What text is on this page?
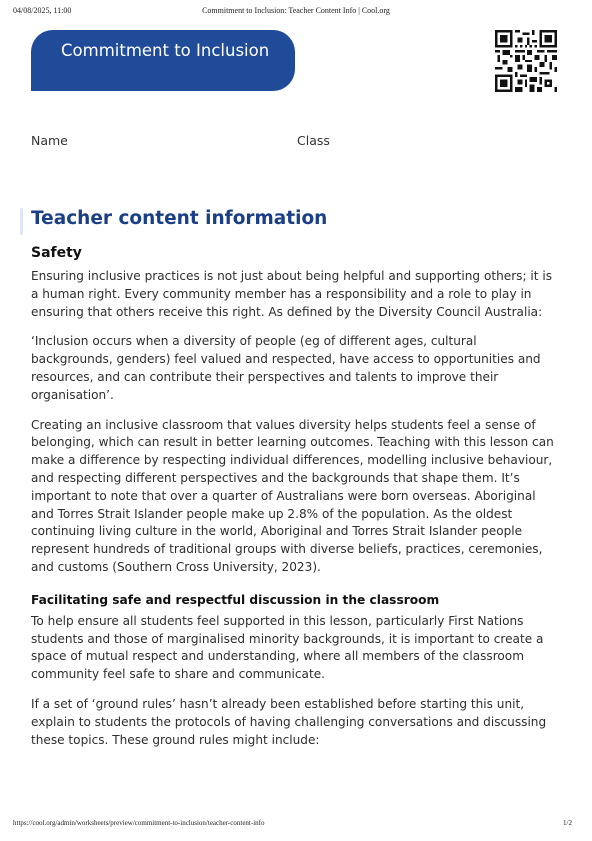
04/08/2025, 11:00	Commitment to Inclusion: Teacher Content Info | Cool.org
Commitment to Inclusion
Name	Class
Teacher content information
Safety

Ensuring inclusive practices is not just about being helpful and supporting others; it is a human right. Every community member has a responsibility and a role to play in ensuring that others receive this right. As defined by the Diversity Council Australia:

‘Inclusion occurs when a diversity of people (eg of different ages, cultural backgrounds, genders) feel valued and respected, have access to opportunities and resources, and can contribute their perspectives and talents to improve their organisation’.

Creating an inclusive classroom that values diversity helps students feel a sense of belonging, which can result in better learning outcomes. Teaching with this lesson can make a difference by respecting individual differences, modelling inclusive behaviour, and respecting different perspectives and the backgrounds that shape them. It’s important to note that over a quarter of Australians were born overseas. Aboriginal and Torres Strait Islander people make up 2.8% of the population. As the oldest continuing living culture in the world, Aboriginal and Torres Strait Islander people represent hundreds of traditional groups with diverse beliefs, practices, ceremonies, and customs (Southern Cross University, 2023).

Facilitating safe and respectful discussion in the classroom

To help ensure all students feel supported in this lesson, particularly First Nations students and those of marginalised minority backgrounds, it is important to create a space of mutual respect and understanding, where all members of the classroom community feel safe to share and communicate.

If a set of ‘ground rules’ hasn’t already been established before starting this unit, explain to students the protocols of having challenging conversations and discussing these topics. These ground rules might include:

https://cool.org/admin/worksheets/preview/commitment-to-inclusion/teacher-content-info	1/2
